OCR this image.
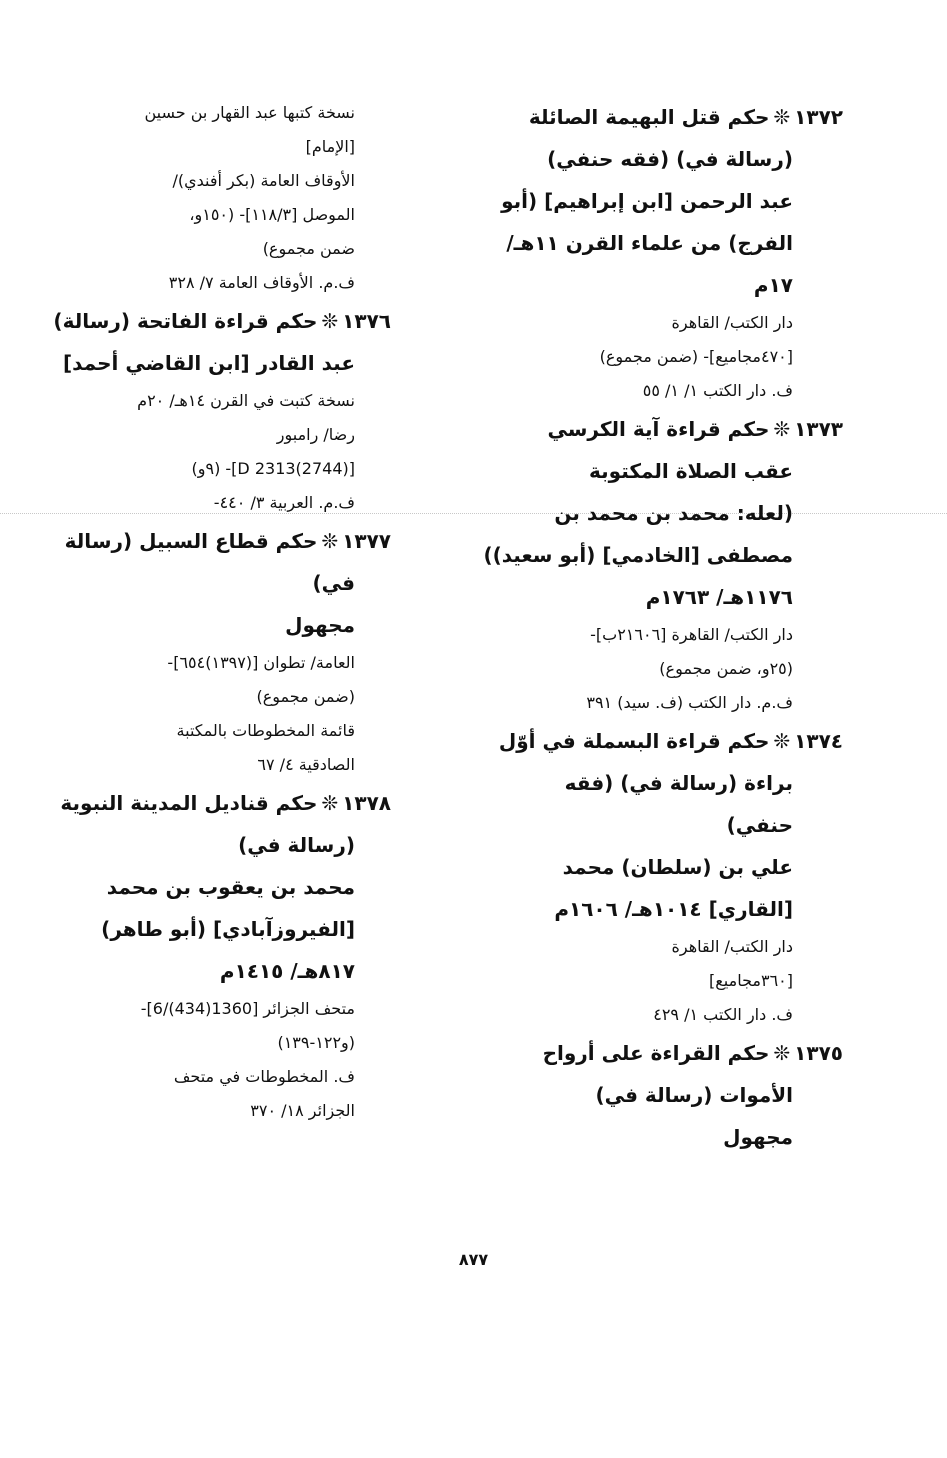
١٣٧٢❊حكم قتل البهيمة الصائلة
(رسالة في) (فقه حنفي)
عبد الرحمن [ابن إبراهيم] (أبو
الفرج) من علماء القرن ١١هـ/
١٧م
دار الكتب/ القاهرة
[٤٧٠مجاميع]- (ضمن مجموع)
ف. دار الكتب ١/ ١/ ٥٥
١٣٧٣❊حكم قراءة آية الكرسي
عقب الصلاة المكتوبة
(لعله: محمد بن محمد بن
مصطفى [الخادمي] (أبو سعيد))
١١٧٦هـ/ ١٧٦٣م
دار الكتب/ القاهرة [٢١٦٠٦ب]-
(٢٥و، ضمن مجموع)
ف.م. دار الكتب (ف. سيد) ٣٩١
١٣٧٤❊حكم قراءة البسملة في أوّل
براءة (رسالة في) (فقه
حنفي)
علي بن (سلطان) محمد
[القاري] ١٠١٤هـ/ ١٦٠٦م
دار الكتب/ القاهرة
[٣٦٠مجاميع]
ف. دار الكتب ١/ ٤٢٩
١٣٧٥❊حكم القراءة على أرواح
الأموات (رسالة في)
مجهول
نسخة كتبها عبد القهار بن حسين
[الإمام]
الأوقاف العامة (بكر أفندي)/
الموصل [١١٨/٣]- (١٥٠و،
ضمن مجموع)
ف.م. الأوقاف العامة ٧/ ٣٢٨
١٣٧٦❊حكم قراءة الفاتحة (رسالة)
عبد القادر [ابن القاضي أحمد]
نسخة كتبت في القرن ١٤هـ/ ٢٠م
رضا/ رامبور
[D 2313(2744)]- (٩و)
ف.م. العربية ٣/ ٤٤٠-
١٣٧٧❊حكم قطاع السبيل (رسالة
في)
مجهول
العامة/ تطوان [(١٣٩٧)٦٥٤]-
(ضمن مجموع)
قائمة المخطوطات بالمكتبة
الصادقية ٤/ ٦٧
١٣٧٨❊حكم قناديل المدينة النبوية
(رسالة في)
محمد بن يعقوب بن محمد
[الفيروزآبادي] (أبو طاهر)
٨١٧هـ/ ١٤١٥م
متحف الجزائر [1360(434)/6]-
(و١٢٢-١٣٩)
ف. المخطوطات في متحف
الجزائر ١٨/ ٣٧٠
٨٧٧
